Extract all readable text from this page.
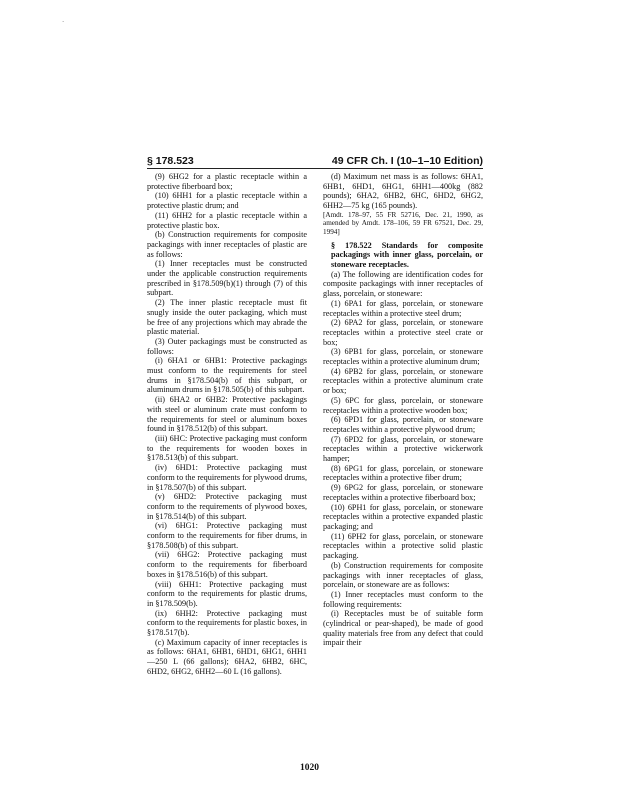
·
§ 178.523	49 CFR Ch. I (10–1–10 Edition)

(9) 6HG2 for a plastic receptacle within a protective fiberboard box;

(10) 6HH1 for a plastic receptacle within a protective plastic drum; and

(11) 6HH2 for a plastic receptacle within a protective plastic box.

(b) Construction requirements for composite packagings with inner receptacles of plastic are as follows:

(1) Inner receptacles must be constructed under the applicable construction requirements prescribed in §178.509(b)(1) through (7) of this subpart.

(2) The inner plastic receptacle must fit snugly inside the outer packaging, which must be free of any projections which may abrade the plastic material.

(3) Outer packagings must be constructed as follows:

(i) 6HA1 or 6HB1: Protective packagings must conform to the requirements for steel drums in §178.504(b) of this subpart, or aluminum drums in §178.505(b) of this subpart.

(ii) 6HA2 or 6HB2: Protective packagings with steel or aluminum crate must conform to the requirements for steel or aluminum boxes found in §178.512(b) of this subpart.

(iii) 6HC: Protective packaging must conform to the requirements for wooden boxes in §178.513(b) of this subpart.

(iv) 6HD1: Protective packaging must conform to the requirements for plywood drums, in §178.507(b) of this subpart.

(v) 6HD2: Protective packaging must conform to the requirements of plywood boxes, in §178.514(b) of this subpart.

(vi) 6HG1: Protective packaging must conform to the requirements for fiber drums, in §178.508(b) of this subpart.

(vii) 6HG2: Protective packaging must conform to the requirements for fiberboard boxes in §178.516(b) of this subpart.

(viii) 6HH1: Protective packaging must conform to the requirements for plastic drums, in §178.509(b).

(ix) 6HH2: Protective packaging must conform to the requirements for plastic boxes, in §178.517(b).

(c) Maximum capacity of inner receptacles is as follows: 6HA1, 6HB1, 6HD1, 6HG1, 6HH1—250 L (66 gallons); 6HA2, 6HB2, 6HC, 6HD2, 6HG2, 6HH2—60 L (16 gallons).

(d) Maximum net mass is as follows: 6HA1, 6HB1, 6HD1, 6HG1, 6HH1—400kg (882 pounds); 6HA2, 6HB2, 6HC, 6HD2, 6HG2, 6HH2—75 kg (165 pounds).

[Amdt. 178–97, 55 FR 52716, Dec. 21, 1990, as amended by Amdt. 178–106, 59 FR 67521, Dec. 29, 1994]

§ 178.522 Standards for composite packagings with inner glass, porcelain, or stoneware receptacles.

(a) The following are identification codes for composite packagings with inner receptacles of glass, porcelain, or stoneware:

(1) 6PA1 for glass, porcelain, or stoneware receptacles within a protective steel drum;

(2) 6PA2 for glass, porcelain, or stoneware receptacles within a protective steel crate or box;

(3) 6PB1 for glass, porcelain, or stoneware receptacles within a protective aluminum drum;

(4) 6PB2 for glass, porcelain, or stoneware receptacles within a protective aluminum crate or box;

(5) 6PC for glass, porcelain, or stoneware receptacles within a protective wooden box;

(6) 6PD1 for glass, porcelain, or stoneware receptacles within a protective plywood drum;

(7) 6PD2 for glass, porcelain, or stoneware receptacles within a protective wickerwork hamper;

(8) 6PG1 for glass, porcelain, or stoneware receptacles within a protective fiber drum;

(9) 6PG2 for glass, porcelain, or stoneware receptacles within a protective fiberboard box;

(10) 6PH1 for glass, porcelain, or stoneware receptacles within a protective expanded plastic packaging; and

(11) 6PH2 for glass, porcelain, or stoneware receptacles within a protective solid plastic packaging.

(b) Construction requirements for composite packagings with inner receptacles of glass, porcelain, or stoneware are as follows:

(1) Inner receptacles must conform to the following requirements:

(i) Receptacles must be of suitable form (cylindrical or pear-shaped), be made of good quality materials free from any defect that could impair their

1020
